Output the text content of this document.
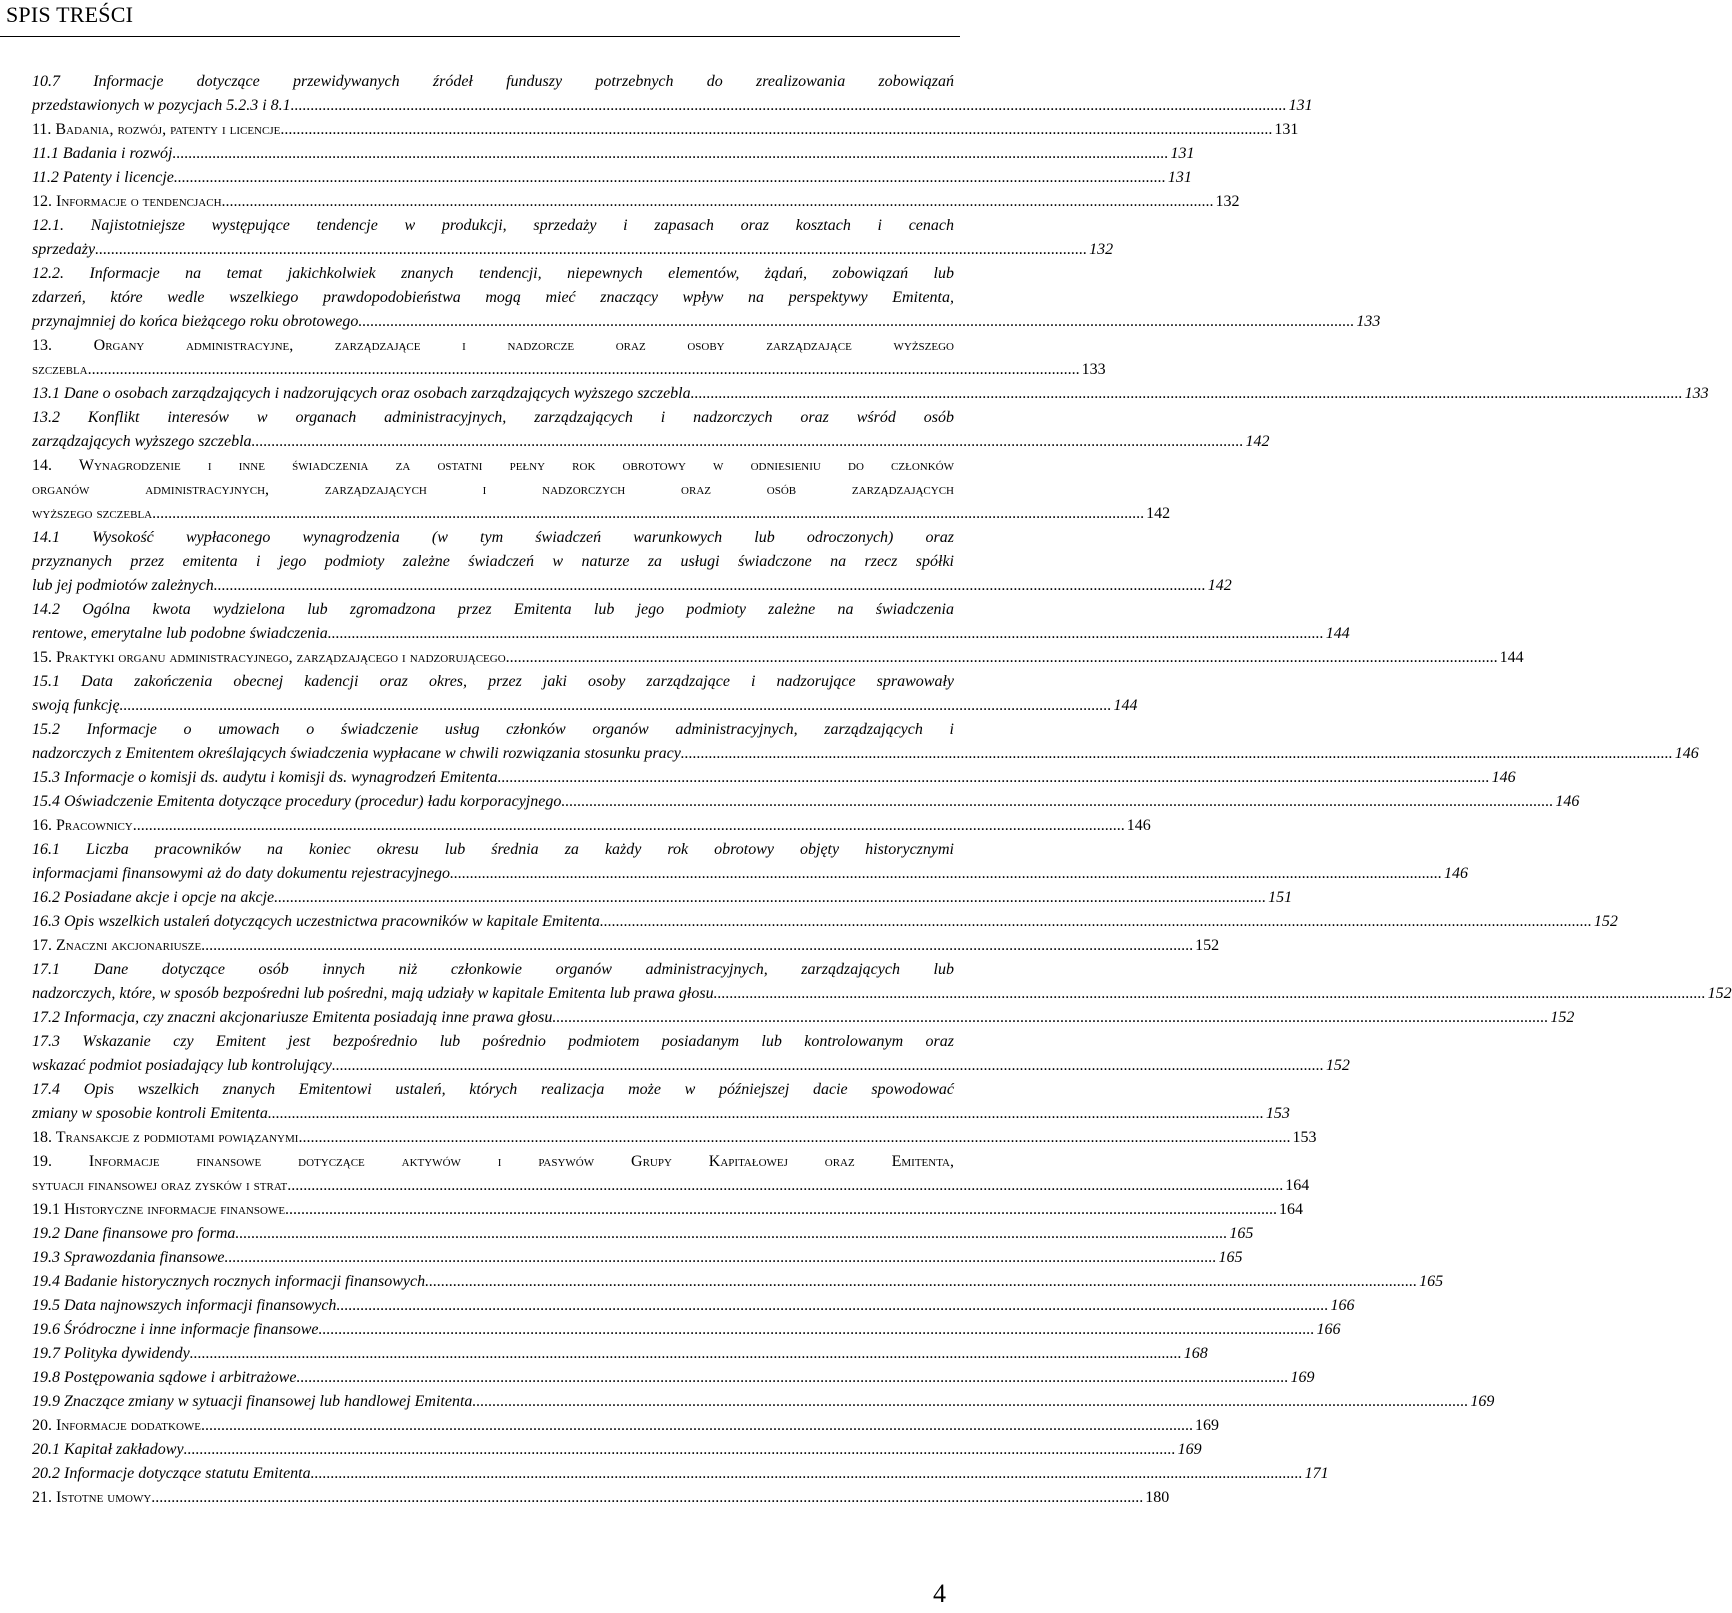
SPIS TREŚCI
10.7 Informacje dotyczące przewidywanych źródeł funduszy potrzebnych do zrealizowania zobowiązań
przedstawionych w pozycjach 5.2.3 i 8.1. .....	131
11. Badania, rozwój, patenty i licencje .....	131
11.1 Badania i rozwój. .....	131
11.2 Patenty i licencje .....	131
12. Informacje o tendencjach .....	132
12.1. Najistotniejsze występujące tendencje w produkcji, sprzedaży i zapasach oraz kosztach i cenach
sprzedaży .....	132
12.2. Informacje na temat jakichkolwiek znanych tendencji, niepewnych elementów, żądań, zobowiązań lub
zdarzeń, które wedle wszelkiego prawdopodobieństwa mogą mieć znaczący wpływ na perspektywy Emitenta,
przynajmniej do końca bieżącego roku obrotowego. .....	133
13. Organy administracyjne, zarządzające i nadzorcze oraz osoby zarządzające wyższego
szczebla .....	133
13.1 Dane o osobach zarządzających i nadzorujących oraz osobach zarządzających wyższego szczebla .....	133
13.2 Konflikt interesów w organach administracyjnych, zarządzających i nadzorczych oraz wśród osób
zarządzających wyższego szczebla .....	142
14. Wynagrodzenie i inne świadczenia za ostatni pełny rok obrotowy w odniesieniu do członków
organów administracyjnych, zarządzających i nadzorczych oraz osób zarządzających
wyższego szczebla .....	142
14.1 Wysokość wypłaconego wynagrodzenia (w tym świadczeń warunkowych lub odroczonych) oraz
przyznanych przez emitenta i jego podmioty zależne świadczeń w naturze za usługi świadczone na rzecz spółki
lub jej podmiotów zależnych .....	142
14.2 Ogólna kwota wydzielona lub zgromadzona przez Emitenta lub jego podmioty zależne na świadczenia
rentowe, emerytalne lub podobne świadczenia. .....	144
15. Praktyki organu administracyjnego, zarządzającego i nadzorującego .....	144
15.1 Data zakończenia obecnej kadencji oraz okres, przez jaki osoby zarządzające i nadzorujące sprawowały
swoją funkcję .....	144
15.2 Informacje o umowach o świadczenie usług członków organów administracyjnych, zarządzających i
nadzorczych z Emitentem określających świadczenia wypłacane w chwili rozwiązania stosunku pracy .....	146
15.3 Informacje o komisji ds. audytu i komisji ds. wynagrodzeń Emitenta .....	146
15.4 Oświadczenie Emitenta dotyczące procedury (procedur) ładu korporacyjnego .....	146
16. Pracownicy .....	146
16.1 Liczba pracowników na koniec okresu lub średnia za każdy rok obrotowy objęty historycznymi
informacjami finansowymi aż do daty dokumentu rejestracyjnego .....	146
16.2 Posiadane akcje i opcje na akcje .....	151
16.3 Opis wszelkich ustaleń dotyczących uczestnictwa pracowników w kapitale Emitenta .....	152
17. Znaczni akcjonariusze .....	152
17.1 Dane dotyczące osób innych niż członkowie organów administracyjnych, zarządzających lub
nadzorczych, które, w sposób bezpośredni lub pośredni, mają udziały w kapitale Emitenta lub prawa głosu .....	152
17.2 Informacja, czy znaczni akcjonariusze Emitenta posiadają inne prawa głosu. .....	152
17.3 Wskazanie czy Emitent jest bezpośrednio lub pośrednio podmiotem posiadanym lub kontrolowanym oraz
wskazać podmiot posiadający lub kontrolujący .....	152
17.4 Opis wszelkich znanych Emitentowi ustaleń, których realizacja może w późniejszej dacie spowodować
zmiany w sposobie kontroli Emitenta. .....	153
18. Transakcje z podmiotami powiązanymi .....	153
19. Informacje finansowe dotyczące aktywów i pasywów Grupy Kapitałowej oraz Emitenta,
sytuacji finansowej oraz zysków i strat. .....	164
19.1 Historyczne informacje finansowe .....	164
19.2 Dane finansowe pro forma .....	165
19.3 Sprawozdania finansowe .....	165
19.4 Badanie historycznych rocznych informacji finansowych .....	165
19.5 Data najnowszych informacji finansowych .....	166
19.6 Śródroczne i inne informacje finansowe. .....	166
19.7 Polityka dywidendy .....	168
19.8 Postępowania sądowe i arbitrażowe .....	169
19.9 Znaczące zmiany w sytuacji finansowej lub handlowej Emitenta. .....	169
20. Informacje dodatkowe .....	169
20.1 Kapitał zakładowy .....	169
20.2 Informacje dotyczące statutu Emitenta .....	171
21. Istotne umowy .....	180
4
